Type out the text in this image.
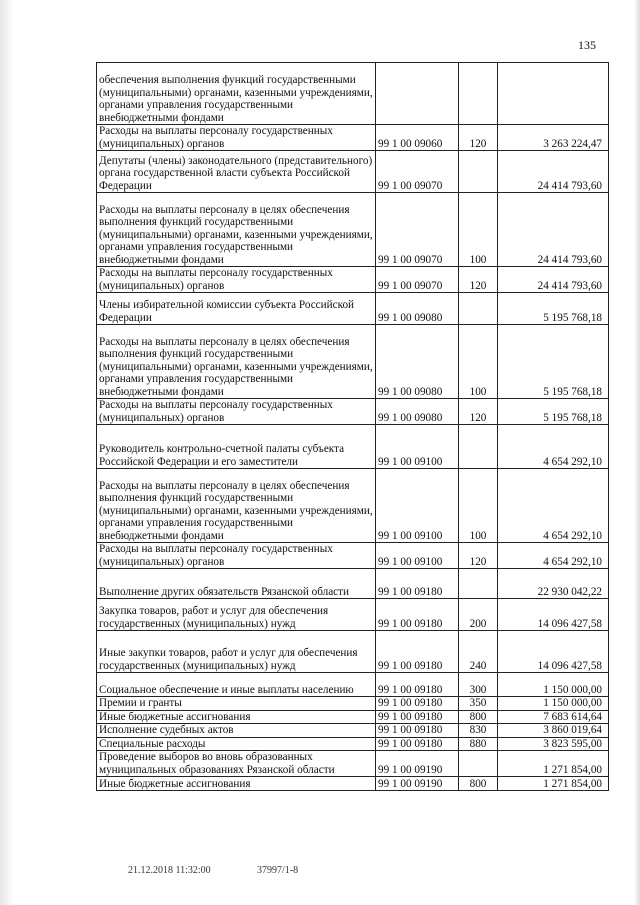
135
обеспечения выполнения функций государственными (муниципальными) органами, казенными учреждениями, органами управления государственными внебюджетными фондами			
Расходы на выплаты персоналу государственных (муниципальных) органов	99 1 00 09060	120	3 263 224,47
Депутаты (члены) законодательного (представительного) органа государственной власти субъекта Российской Федерации	99 1 00 09070		24 414 793,60
Расходы на выплаты персоналу в целях обеспечения выполнения функций государственными (муниципальными) органами, казенными учреждениями, органами управления государственными внебюджетными фондами	99 1 00 09070	100	24 414 793,60
Расходы на выплаты персоналу государственных (муниципальных) органов	99 1 00 09070	120	24 414 793,60
Члены избирательной комиссии субъекта Российской Федерации	99 1 00 09080		5 195 768,18
Расходы на выплаты персоналу в целях обеспечения выполнения функций государственными (муниципальными) органами, казенными учреждениями, органами управления государственными внебюджетными фондами	99 1 00 09080	100	5 195 768,18
Расходы на выплаты персоналу государственных (муниципальных) органов	99 1 00 09080	120	5 195 768,18
Руководитель контрольно-счетной палаты субъекта Российской Федерации и его заместители	99 1 00 09100		4 654 292,10
Расходы на выплаты персоналу в целях обеспечения выполнения функций государственными (муниципальными) органами, казенными учреждениями, органами управления государственными внебюджетными фондами	99 1 00 09100	100	4 654 292,10
Расходы на выплаты персоналу государственных (муниципальных) органов	99 1 00 09100	120	4 654 292,10
Выполнение других обязательств Рязанской области	99 1 00 09180		22 930 042,22
Закупка товаров, работ и услуг для обеспечения государственных (муниципальных) нужд	99 1 00 09180	200	14 096 427,58
Иные закупки товаров, работ и услуг для обеспечения государственных (муниципальных) нужд	99 1 00 09180	240	14 096 427,58
Социальное обеспечение и иные выплаты населению	99 1 00 09180	300	1 150 000,00
Премии и гранты	99 1 00 09180	350	1 150 000,00
Иные бюджетные ассигнования	99 1 00 09180	800	7 683 614,64
Исполнение судебных актов	99 1 00 09180	830	3 860 019,64
Специальные расходы	99 1 00 09180	880	3 823 595,00
Проведение выборов во вновь образованных муниципальных образованиях Рязанской области	99 1 00 09190		1 271 854,00
Иные бюджетные ассигнования	99 1 00 09190	800	1 271 854,00
21.12.2018 11:32:00	37997/1-8
